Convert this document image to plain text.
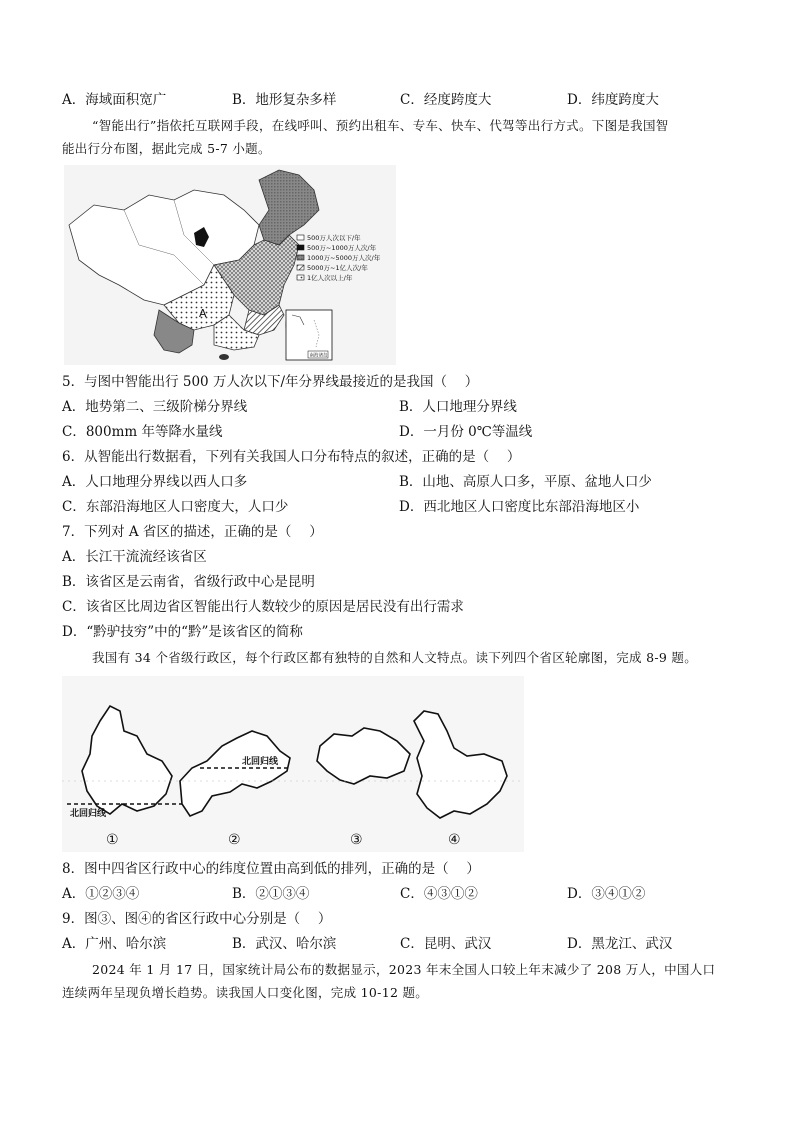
A．海域面积宽广	B．地形复杂多样	C．经度跨度大	D．纬度跨度大
“智能出行”指依托互联网手段，在线呼叫、预约出租车、专车、快车、代驾等出行方式。下图是我国智
能出行分布图，据此完成 5-7 小题。
A
500万人次以下/年
500万~1000万人次/年
1000万~5000万人次/年
5000万~1亿人次/年
1亿人次以上/年
南海诸岛
5．与图中智能出行 500 万人次以下/年分界线最接近的是我国（　 ）
A．地势第二、三级阶梯分界线	B．人口地理分界线
C．800mm 年等降水量线	D．一月份 0℃等温线
6．从智能出行数据看，下列有关我国人口分布特点的叙述，正确的是（　 ）
A．人口地理分界线以西人口多	B．山地、高原人口多，平原、盆地人口少
C．东部沿海地区人口密度大，人口少	D．西北地区人口密度比东部沿海地区小
7．下列对 A 省区的描述，正确的是（　 ）
A．长江干流流经该省区
B．该省区是云南省，省级行政中心是昆明
C．该省区比周边省区智能出行人数较少的原因是居民没有出行需求
D．“黔驴技穷”中的“黔”是该省区的简称
我国有 34 个省级行政区，每个行政区都有独特的自然和人文特点。读下列四个省区轮廓图，完成 8-9 题。
北回归线
北回归线
①	②	③	④
8．图中四省区行政中心的纬度位置由高到低的排列，正确的是（　 ）
A．①②③④	B．②①③④	C．④③①②	D．③④①②
9．图③、图④的省区行政中心分别是（　 ）
A．广州、哈尔滨	B．武汉、哈尔滨	C．昆明、武汉	D．黑龙江、武汉
2024 年 1 月 17 日，国家统计局公布的数据显示，2023 年末全国人口较上年末减少了 208 万人，中国人口
连续两年呈现负增长趋势。读我国人口变化图，完成 10-12 题。
